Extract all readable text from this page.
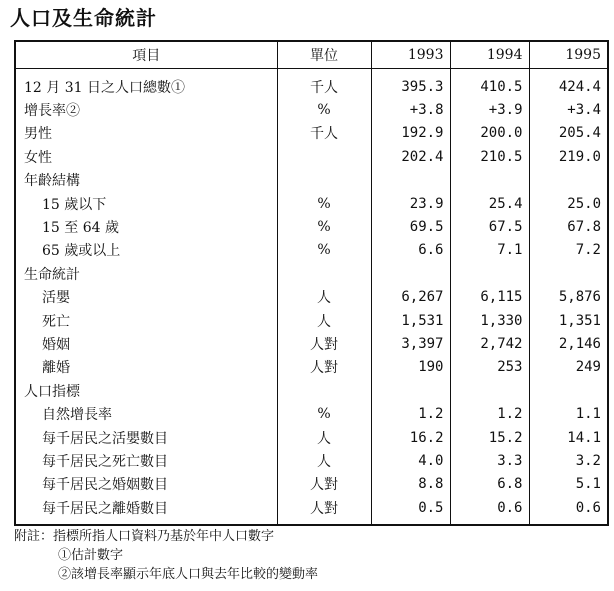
人口及生命統計
項目	單位	1993	1994	1995
12 月 31 日之人口總數①	千人	395.3	410.5	424.4
增長率②	%	+3.8	+3.9	+3.4
男性	千人	192.9	200.0	205.4
女性		202.4	210.5	219.0
年齡結構				
15 歲以下	%	23.9	25.4	25.0
15 至 64 歲	%	69.5	67.5	67.8
65 歲或以上	%	6.6	7.1	7.2
生命統計				
活嬰	人	6,267	6,115	5,876
死亡	人	1,531	1,330	1,351
婚姻	人對	3,397	2,742	2,146
離婚	人對	190	253	249
人口指標				
自然增長率	%	1.2	1.2	1.1
每千居民之活嬰數目	人	16.2	15.2	14.1
每千居民之死亡數目	人	4.0	3.3	3.2
每千居民之婚姻數目	人對	8.8	6.8	5.1
每千居民之離婚數目	人對	0.5	0.6	0.6
附註：指標所指人口資料乃基於年中人口數字
①估計數字
②該增長率顯示年底人口與去年比較的變動率
